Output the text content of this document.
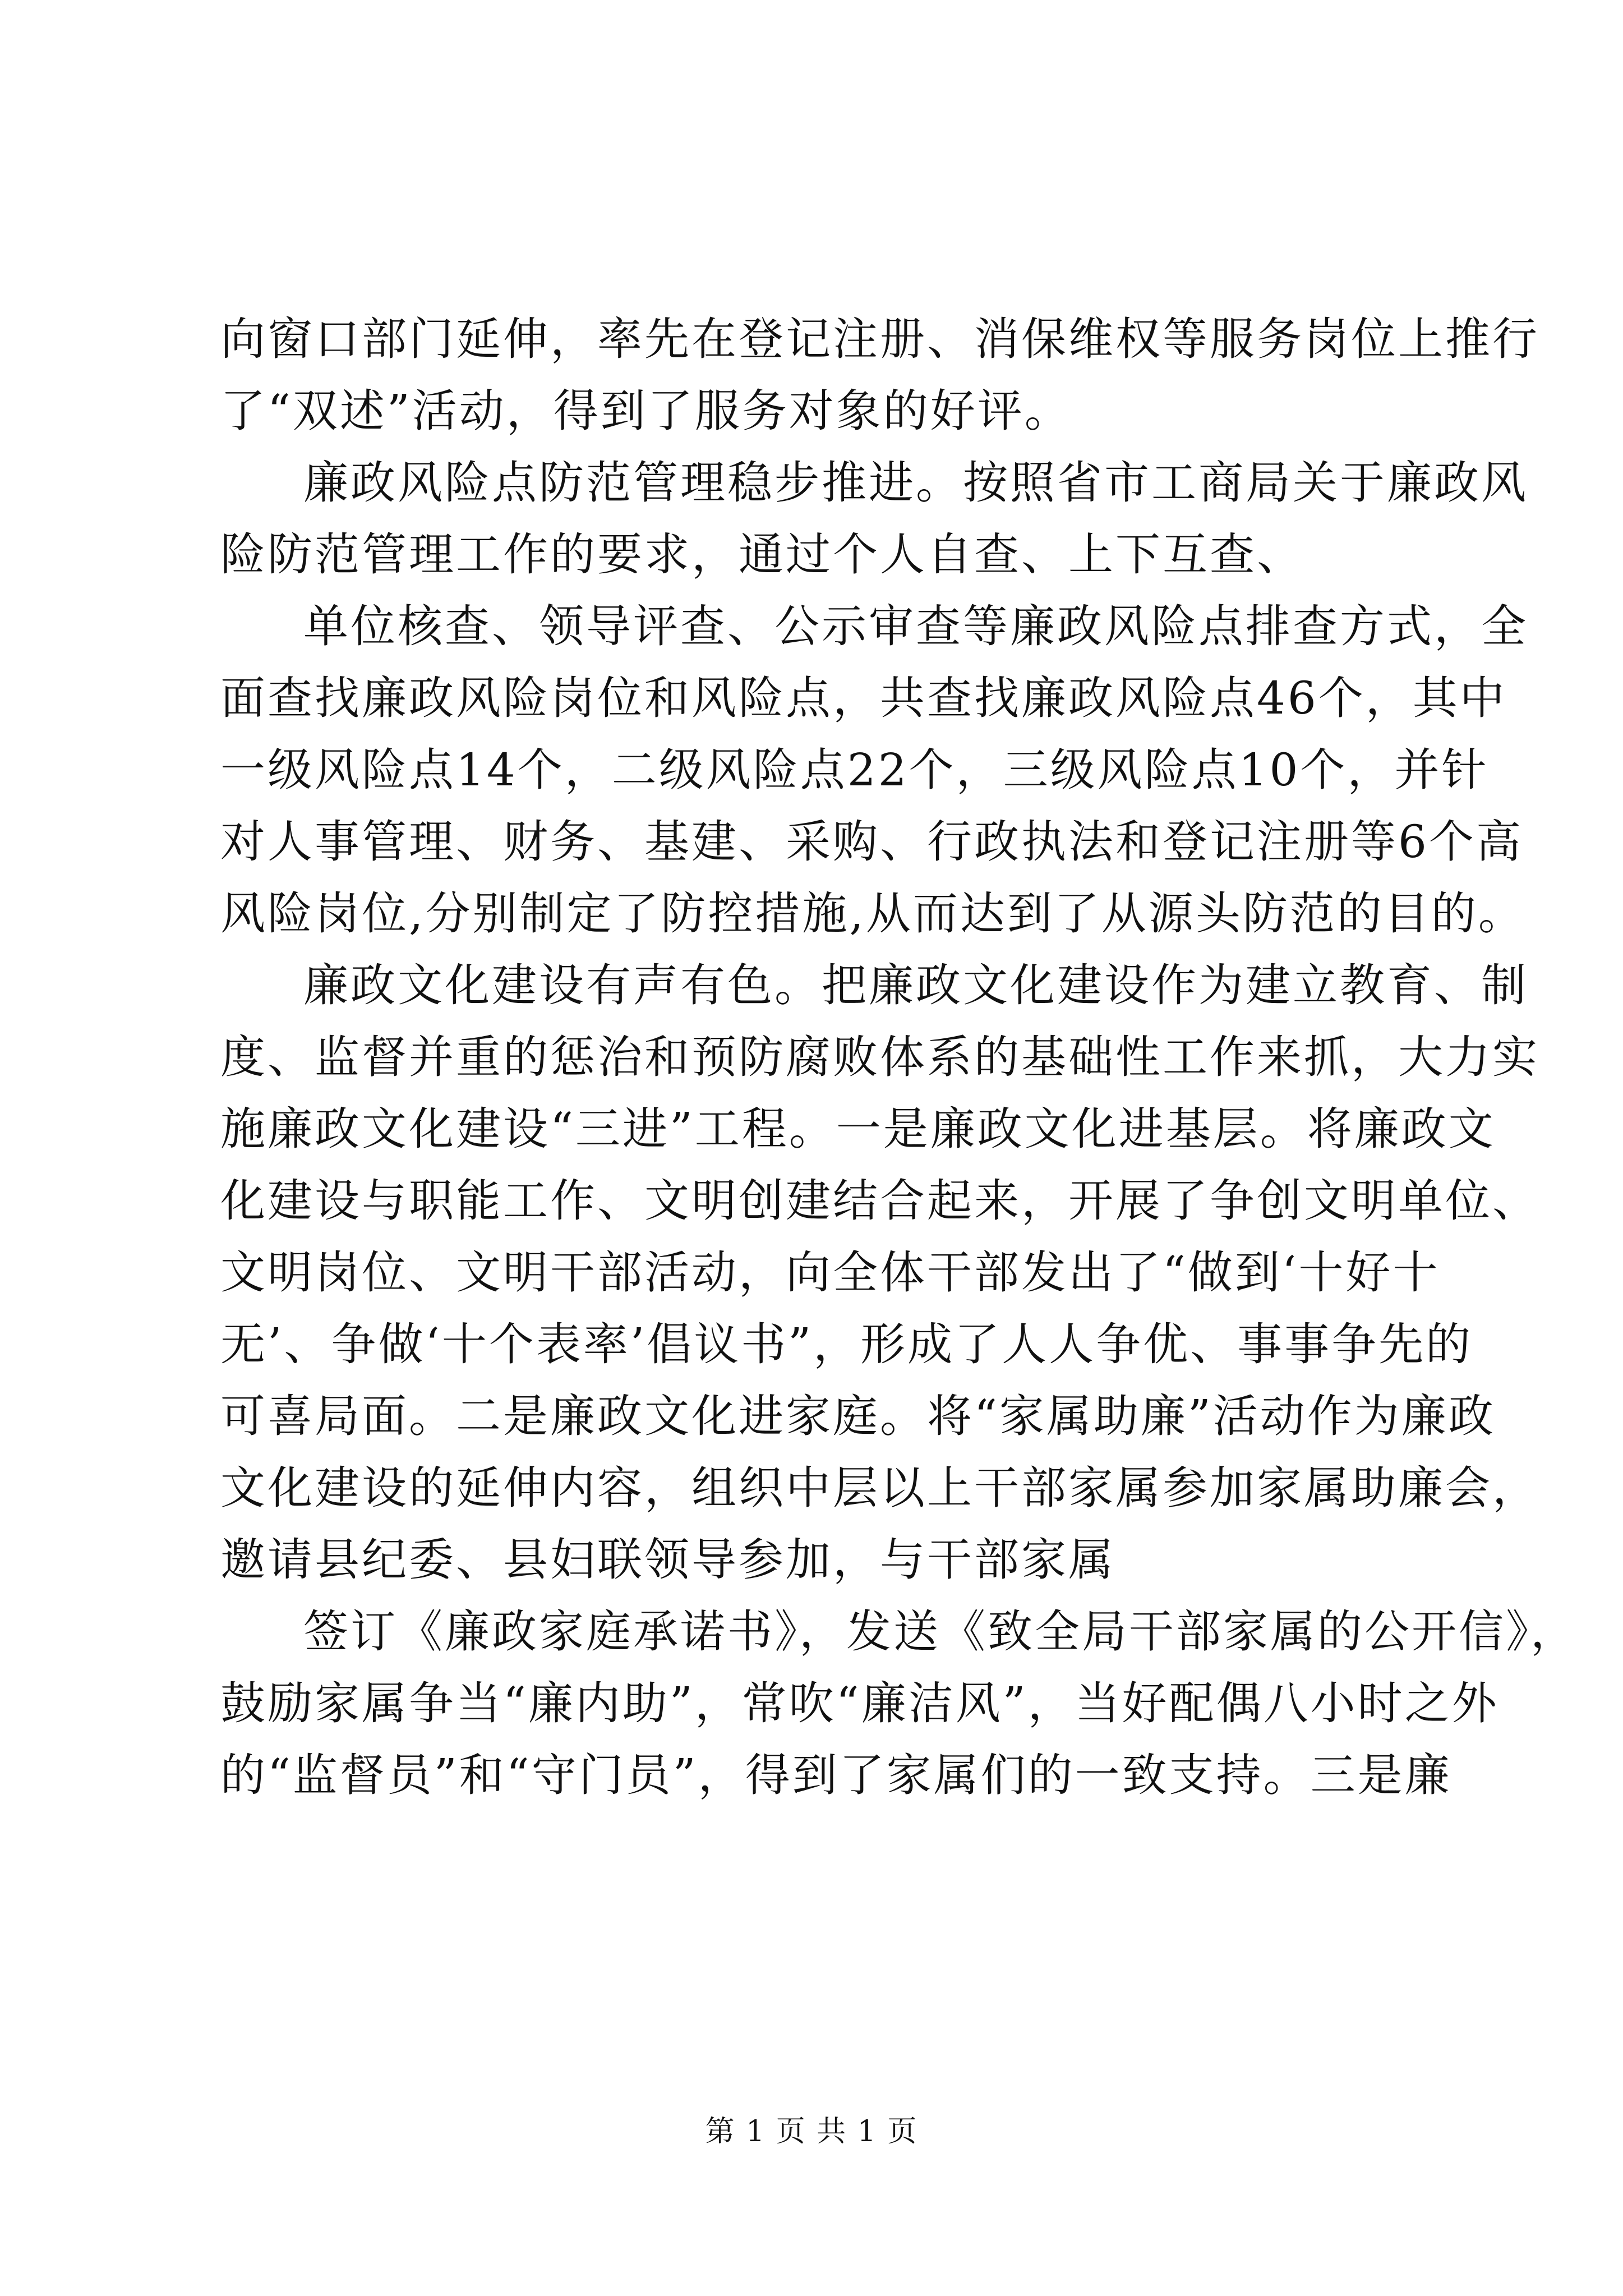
向窗口部门延伸，率先在登记注册、消保维权等服务岗位上推行
了“双述”活动，得到了服务对象的好评。
廉政风险点防范管理稳步推进。按照省市工商局关于廉政风
险防范管理工作的要求，通过个人自查、上下互查、
单位核查、领导评查、公示审查等廉政风险点排查方式，全
面查找廉政风险岗位和风险点，共查找廉政风险点46个，其中
一级风险点14个，二级风险点22个，三级风险点10个，并针
对人事管理、财务、基建、采购、行政执法和登记注册等6个高
风险岗位,分别制定了防控措施,从而达到了从源头防范的目的。
廉政文化建设有声有色。把廉政文化建设作为建立教育、制
度、监督并重的惩治和预防腐败体系的基础性工作来抓，大力实
施廉政文化建设“三进”工程。一是廉政文化进基层。将廉政文
化建设与职能工作、文明创建结合起来，开展了争创文明单位、
文明岗位、文明干部活动，向全体干部发出了“做到‘十好十
无’、争做‘十个表率’倡议书”，形成了人人争优、事事争先的
可喜局面。二是廉政文化进家庭。将“家属助廉”活动作为廉政
文化建设的延伸内容，组织中层以上干部家属参加家属助廉会，
邀请县纪委、县妇联领导参加，与干部家属
签订《廉政家庭承诺书》，发送《致全局干部家属的公开信》，
鼓励家属争当“廉内助”，常吹“廉洁风”，当好配偶八小时之外
的“监督员”和“守门员”，得到了家属们的一致支持。三是廉
第 1 页 共 1 页
